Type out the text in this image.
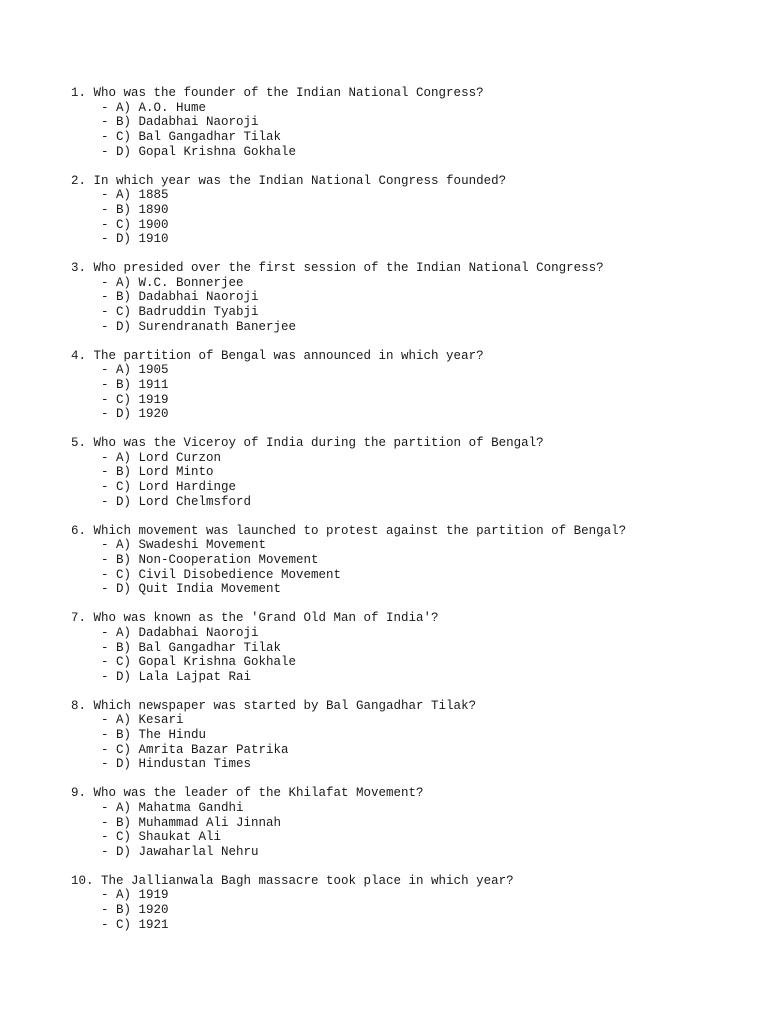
1. Who was the founder of the Indian National Congress?
- A) A.O. Hume
- B) Dadabhai Naoroji
- C) Bal Gangadhar Tilak
- D) Gopal Krishna Gokhale
2. In which year was the Indian National Congress founded?
- A) 1885
- B) 1890
- C) 1900
- D) 1910
3. Who presided over the first session of the Indian National Congress?
- A) W.C. Bonnerjee
- B) Dadabhai Naoroji
- C) Badruddin Tyabji
- D) Surendranath Banerjee
4. The partition of Bengal was announced in which year?
- A) 1905
- B) 1911
- C) 1919
- D) 1920
5. Who was the Viceroy of India during the partition of Bengal?
- A) Lord Curzon
- B) Lord Minto
- C) Lord Hardinge
- D) Lord Chelmsford
6. Which movement was launched to protest against the partition of Bengal?
- A) Swadeshi Movement
- B) Non-Cooperation Movement
- C) Civil Disobedience Movement
- D) Quit India Movement
7. Who was known as the 'Grand Old Man of India'?
- A) Dadabhai Naoroji
- B) Bal Gangadhar Tilak
- C) Gopal Krishna Gokhale
- D) Lala Lajpat Rai
8. Which newspaper was started by Bal Gangadhar Tilak?
- A) Kesari
- B) The Hindu
- C) Amrita Bazar Patrika
- D) Hindustan Times
9. Who was the leader of the Khilafat Movement?
- A) Mahatma Gandhi
- B) Muhammad Ali Jinnah
- C) Shaukat Ali
- D) Jawaharlal Nehru
10. The Jallianwala Bagh massacre took place in which year?
- A) 1919
- B) 1920
- C) 1921
